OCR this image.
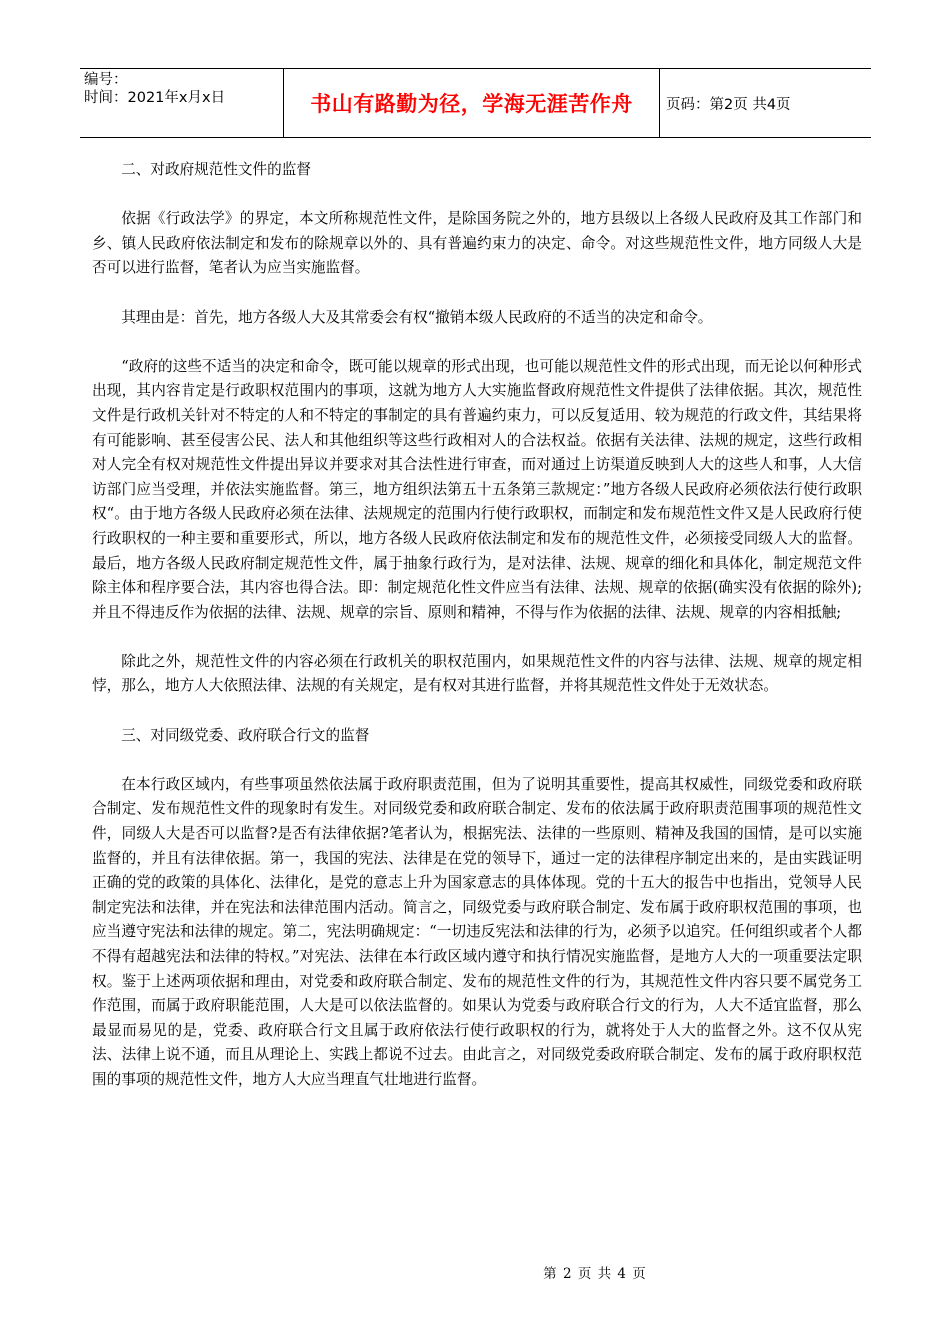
编号：
时间：2021年x月x日	书山有路勤为径，学海无涯苦作舟	页码：第2页 共4页

二、对政府规范性文件的监督

依据《行政法学》的界定，本文所称规范性文件，是除国务院之外的，地方县级以上各级人民政府及其工作部门和乡、镇人民政府依法制定和发布的除规章以外的、具有普遍约束力的决定、命令。对这些规范性文件，地方同级人大是否可以进行监督，笔者认为应当实施监督。

其理由是：首先，地方各级人大及其常委会有权“撤销本级人民政府的不适当的决定和命令。

“政府的这些不适当的决定和命令，既可能以规章的形式出现，也可能以规范性文件的形式出现，而无论以何种形式出现，其内容肯定是行政职权范围内的事项，这就为地方人大实施监督政府规范性文件提供了法律依据。其次，规范性文件是行政机关针对不特定的人和不特定的事制定的具有普遍约束力，可以反复适用、较为规范的行政文件，其结果将有可能影响、甚至侵害公民、法人和其他组织等这些行政相对人的合法权益。依据有关法律、法规的规定，这些行政相对人完全有权对规范性文件提出异议并要求对其合法性进行审查，而对通过上访渠道反映到人大的这些人和事，人大信访部门应当受理，并依法实施监督。第三，地方组织法第五十五条第三款规定：”地方各级人民政府必须依法行使行政职权“。由于地方各级人民政府必须在法律、法规规定的范围内行使行政职权，而制定和发布规范性文件又是人民政府行使行政职权的一种主要和重要形式，所以，地方各级人民政府依法制定和发布的规范性文件，必须接受同级人大的监督。最后，地方各级人民政府制定规范性文件，属于抽象行政行为，是对法律、法规、规章的细化和具体化，制定规范文件除主体和程序要合法，其内容也得合法。即：制定规范化性文件应当有法律、法规、规章的依据(确实没有依据的除外);并且不得违反作为依据的法律、法规、规章的宗旨、原则和精神，不得与作为依据的法律、法规、规章的内容相抵触;

除此之外，规范性文件的内容必须在行政机关的职权范围内，如果规范性文件的内容与法律、法规、规章的规定相悖，那么，地方人大依照法律、法规的有关规定，是有权对其进行监督，并将其规范性文件处于无效状态。

三、对同级党委、政府联合行文的监督

在本行政区域内，有些事项虽然依法属于政府职责范围，但为了说明其重要性，提高其权威性，同级党委和政府联合制定、发布规范性文件的现象时有发生。对同级党委和政府联合制定、发布的依法属于政府职责范围事项的规范性文件，同级人大是否可以监督?是否有法律依据?笔者认为，根据宪法、法律的一些原则、精神及我国的国情，是可以实施监督的，并且有法律依据。第一，我国的宪法、法律是在党的领导下，通过一定的法律程序制定出来的，是由实践证明正确的党的政策的具体化、法律化，是党的意志上升为国家意志的具体体现。党的十五大的报告中也指出，党领导人民制定宪法和法律，并在宪法和法律范围内活动。简言之，同级党委与政府联合制定、发布属于政府职权范围的事项，也应当遵守宪法和法律的规定。第二，宪法明确规定：“一切违反宪法和法律的行为，必须予以追究。任何组织或者个人都不得有超越宪法和法律的特权。”对宪法、法律在本行政区域内遵守和执行情况实施监督，是地方人大的一项重要法定职权。鉴于上述两项依据和理由，对党委和政府联合制定、发布的规范性文件的行为，其规范性文件内容只要不属党务工作范围，而属于政府职能范围，人大是可以依法监督的。如果认为党委与政府联合行文的行为，人大不适宜监督，那么最显而易见的是，党委、政府联合行文且属于政府依法行使行政职权的行为，就将处于人大的监督之外。这不仅从宪法、法律上说不通，而且从理论上、实践上都说不过去。由此言之，对同级党委政府联合制定、发布的属于政府职权范围的事项的规范性文件，地方人大应当理直气壮地进行监督。

第 2 页 共 4 页
